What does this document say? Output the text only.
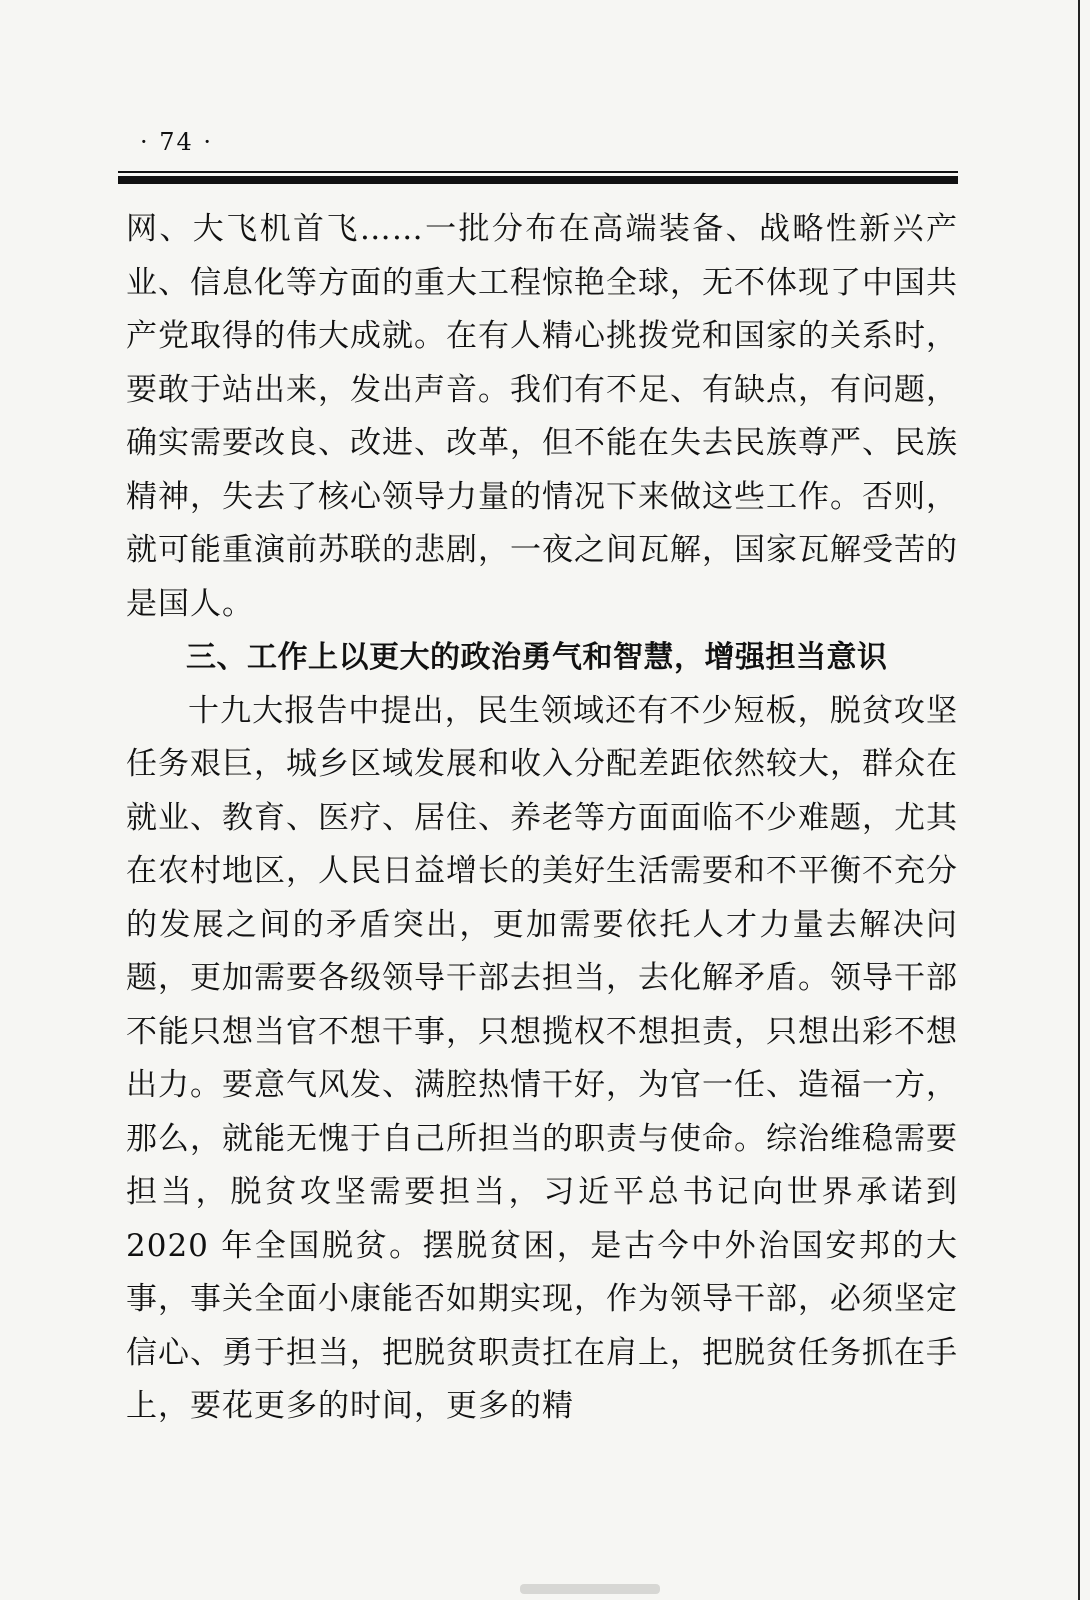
· 74 ·

网、大飞机首飞……一批分布在高端装备、战略性新兴产业、信息化等方面的重大工程惊艳全球，无不体现了中国共产党取得的伟大成就。在有人精心挑拨党和国家的关系时，要敢于站出来，发出声音。我们有不足、有缺点，有问题，确实需要改良、改进、改革，但不能在失去民族尊严、民族精神，失去了核心领导力量的情况下来做这些工作。否则，就可能重演前苏联的悲剧，一夜之间瓦解，国家瓦解受苦的是国人。

三、工作上以更大的政治勇气和智慧，增强担当意识

十九大报告中提出，民生领域还有不少短板，脱贫攻坚任务艰巨，城乡区域发展和收入分配差距依然较大，群众在就业、教育、医疗、居住、养老等方面面临不少难题，尤其在农村地区，人民日益增长的美好生活需要和不平衡不充分的发展之间的矛盾突出，更加需要依托人才力量去解决问题，更加需要各级领导干部去担当，去化解矛盾。领导干部不能只想当官不想干事，只想揽权不想担责，只想出彩不想出力。要意气风发、满腔热情干好，为官一任、造福一方，那么，就能无愧于自己所担当的职责与使命。综治维稳需要担当，脱贫攻坚需要担当，习近平总书记向世界承诺到 2020 年全国脱贫。摆脱贫困，是古今中外治国安邦的大事，事关全面小康能否如期实现，作为领导干部，必须坚定信心、勇于担当，把脱贫职责扛在肩上，把脱贫任务抓在手上，要花更多的时间，更多的精
